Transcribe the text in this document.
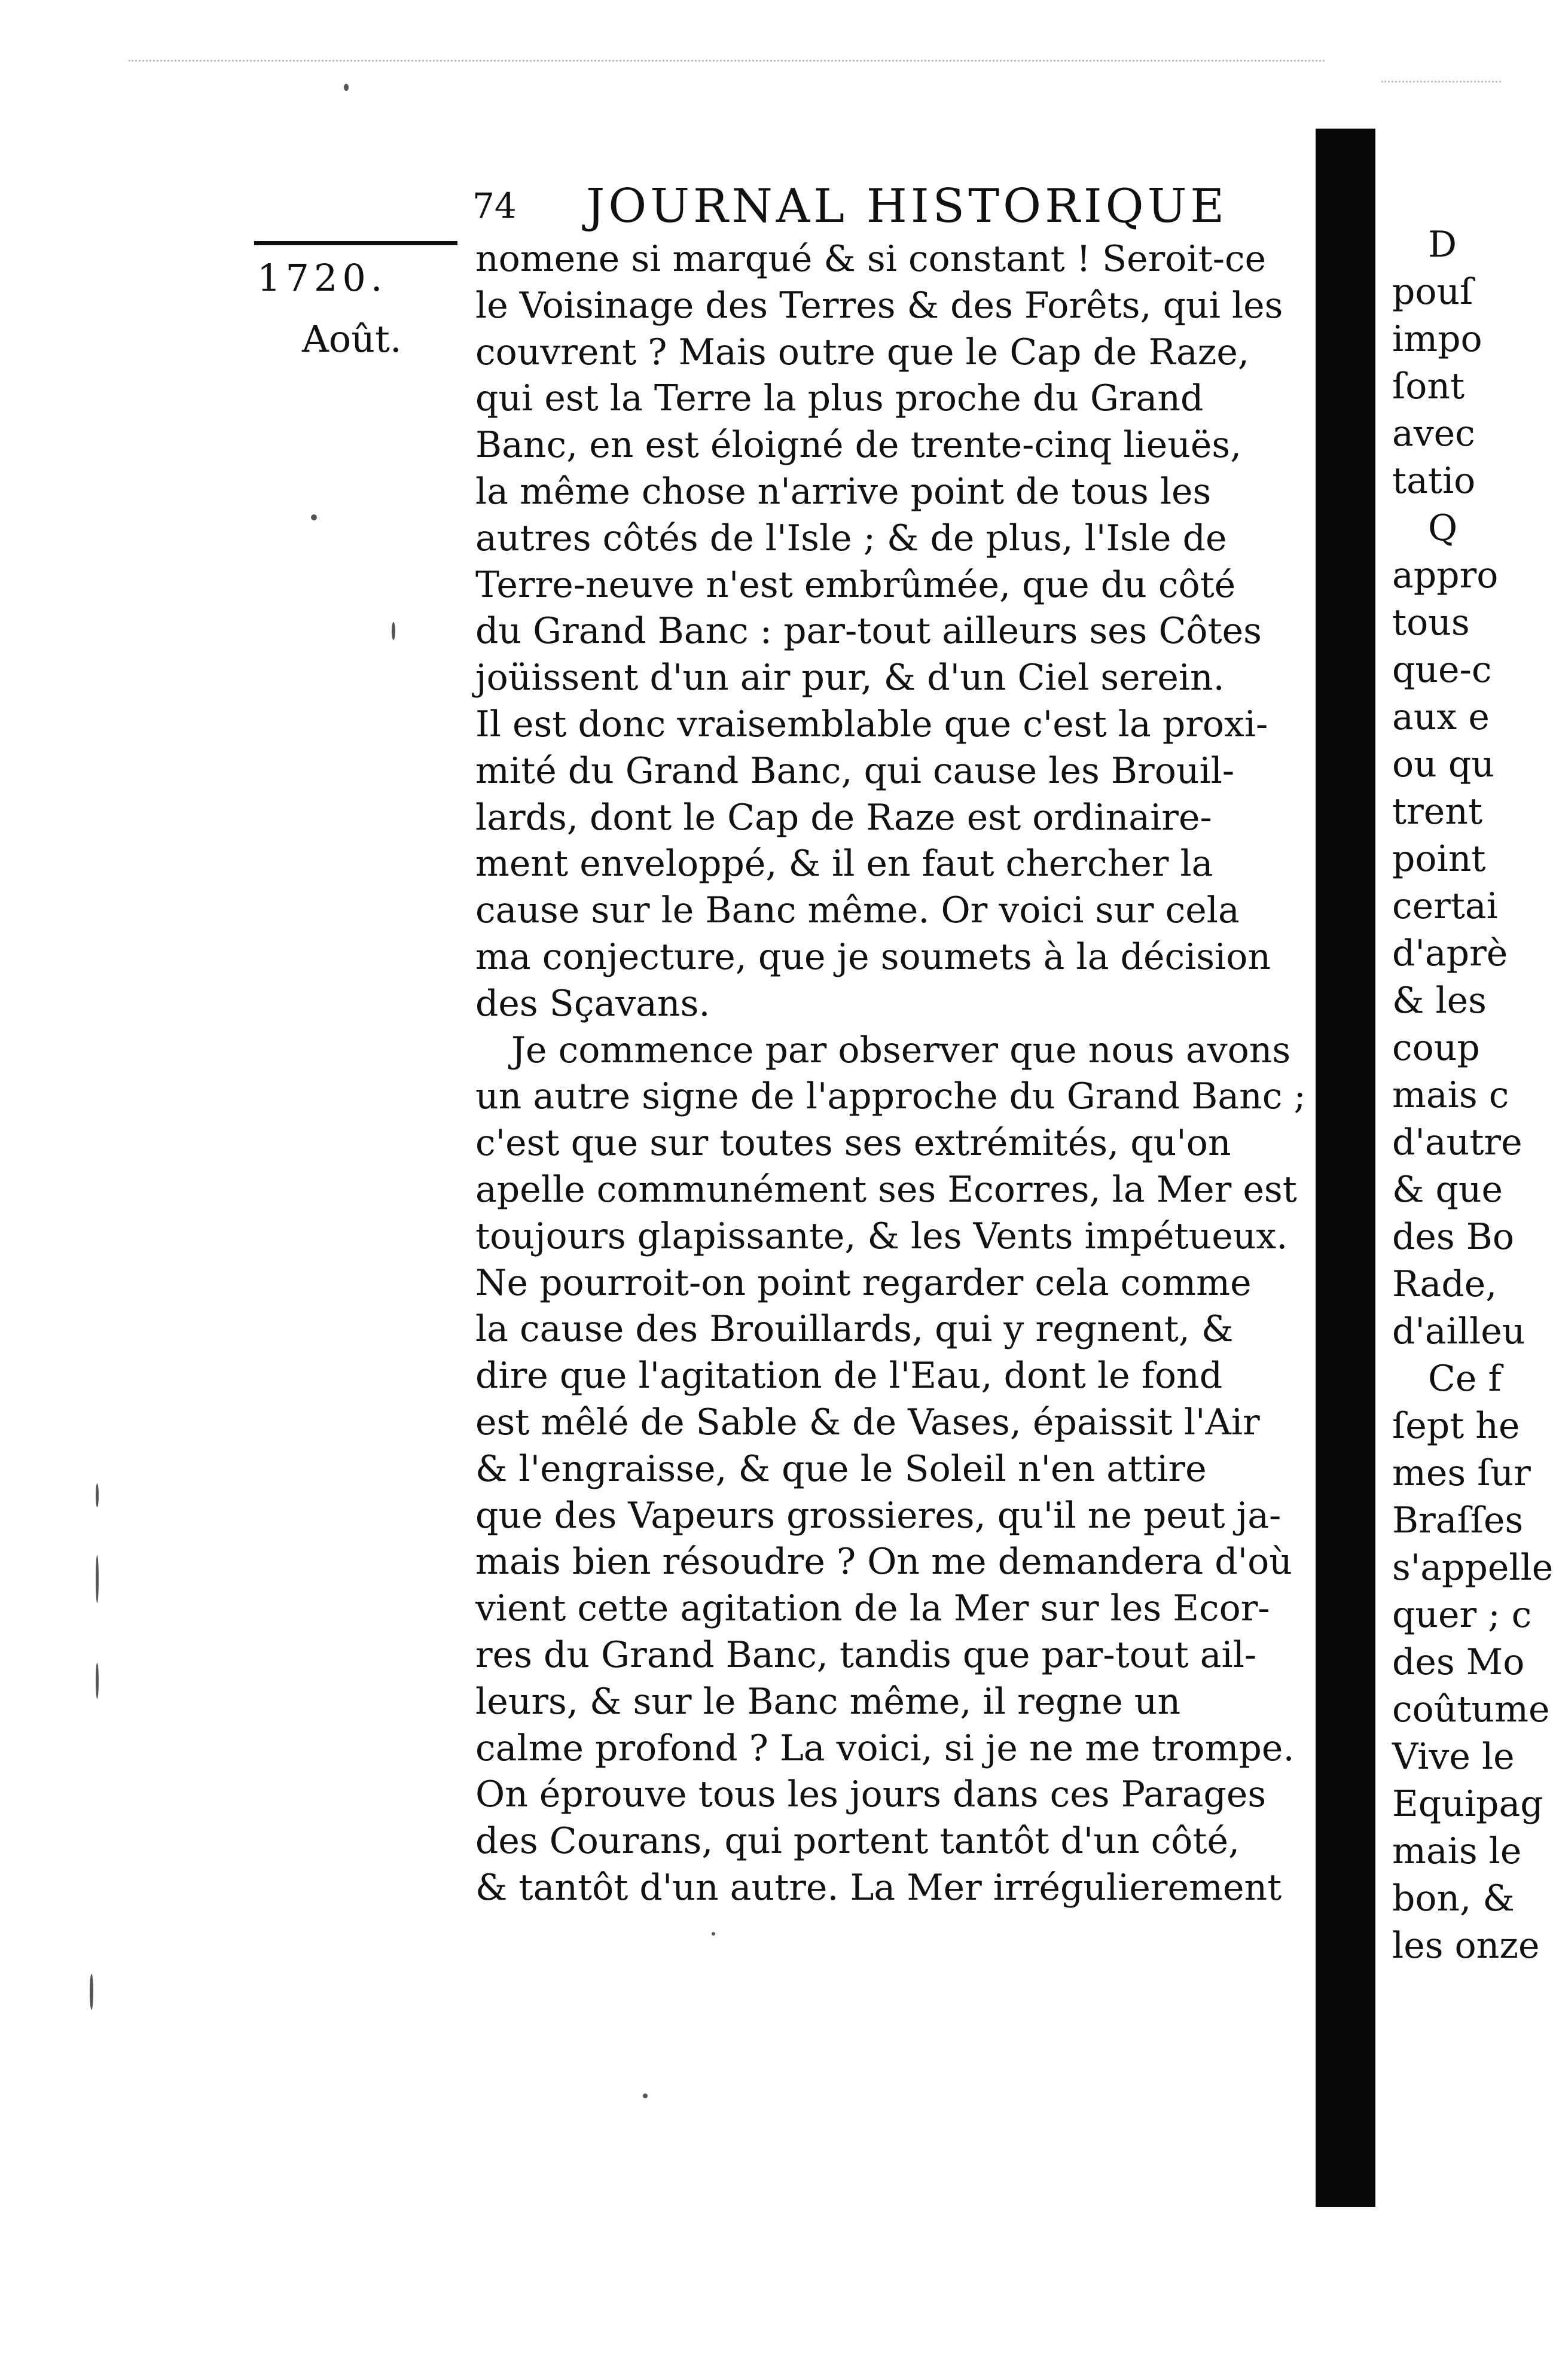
74 JOURNAL HISTORIQUE
1720.
Août.
nomene si marqué & si constant ! Seroit-ce
le Voisinage des Terres & des Forêts, qui les
couvrent ? Mais outre que le Cap de Raze,
qui est la Terre la plus proche du Grand
Banc, en est éloigné de trente-cinq lieuës,
la même chose n'arrive point de tous les
autres côtés de l'Isle ; & de plus, l'Isle de
Terre-neuve n'est embrûmée, que du côté
du Grand Banc : par-tout ailleurs ses Côtes
joüissent d'un air pur, & d'un Ciel serein.
Il est donc vraisemblable que c'est la proxi-
mité du Grand Banc, qui cause les Brouil-
lards, dont le Cap de Raze est ordinaire-
ment enveloppé, & il en faut chercher la
cause sur le Banc même. Or voici sur cela
ma conjecture, que je soumets à la décision
des Sçavans.
Je commence par observer que nous avons
un autre signe de l'approche du Grand Banc ;
c'est que sur toutes ses extrémités, qu'on
apelle communément ses Ecorres, la Mer est
toujours glapissante, & les Vents impétueux.
Ne pourroit-on point regarder cela comme
la cause des Brouillards, qui y regnent, &
dire que l'agitation de l'Eau, dont le fond
est mêlé de Sable & de Vases, épaissit l'Air
& l'engraisse, & que le Soleil n'en attire
que des Vapeurs grossieres, qu'il ne peut ja-
mais bien résoudre ? On me demandera d'où
vient cette agitation de la Mer sur les Ecor-
res du Grand Banc, tandis que par-tout ail-
leurs, & sur le Banc même, il regne un
calme profond ? La voici, si je ne me trompe.
On éprouve tous les jours dans ces Parages
des Courans, qui portent tantôt d'un côté,
& tantôt d'un autre. La Mer irrégulierement
D
pouſ
impo
ſont
avec
tatio
Q
appro
tous
que-c
aux e
ou qu
trent
point
certai
d'aprè
& les
coup
mais c
d'autre
& que
des Bo
Rade,
d'ailleu
Ce f
ſept he
mes ſur
Braſſes
s'appelle
quer ; c
des Mo
coûtume
Vive le
Equipag
mais le
bon, &
les onze
